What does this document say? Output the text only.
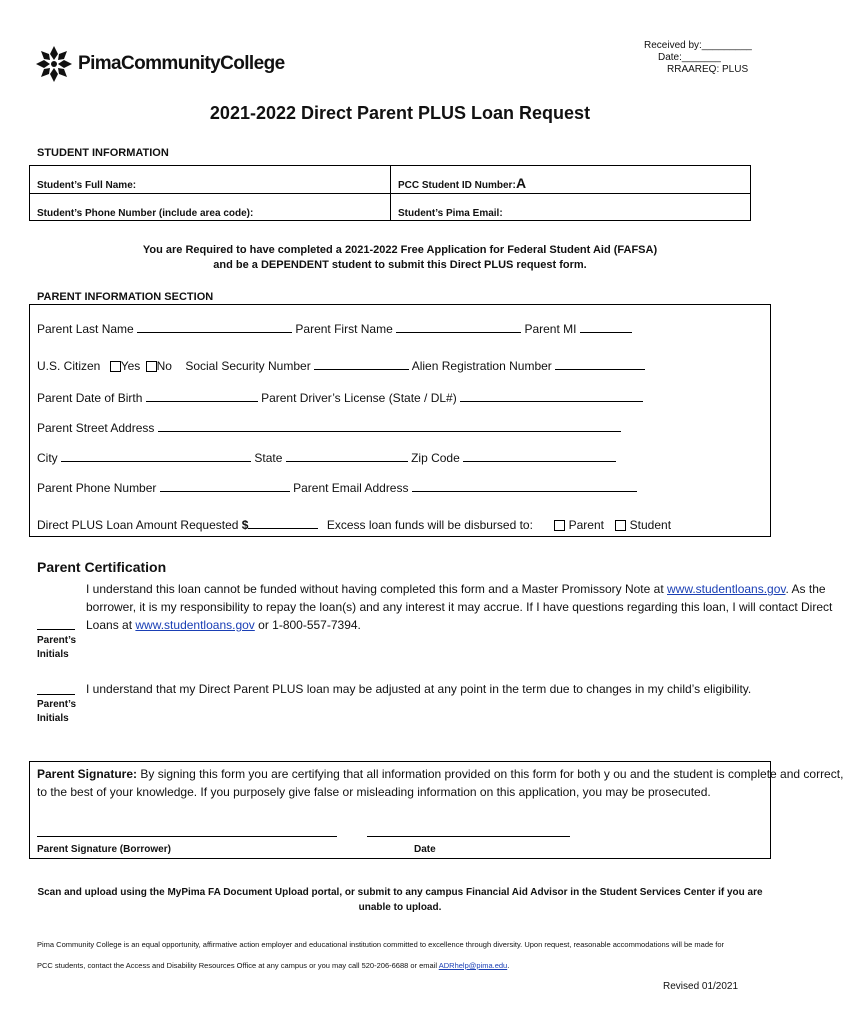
PimaCommunityCollege
Received by:_________
Date:_______
RRAAREQ: PLUS
2021-2022 Direct Parent PLUS Loan Request
STUDENT INFORMATION
Student’s Full Name:	PCC Student ID Number: A
Student’s Phone Number (include area code):	Student’s Pima Email:
You are Required to have completed a 2021-2022 Free Application for Federal Student Aid (FAFSA)
and be a DEPENDENT student to submit this Direct PLUS request form.
PARENT INFORMATION SECTION
Parent Last Name	Parent First Name	Parent MI
U.S. Citizen Yes No Social Security Number	Alien Registration Number
Parent Date of Birth	Parent Driver’s License (State / DL#)
Parent Street Address
City	State	Zip Code
Parent Phone Number	Parent Email Address
Direct PLUS Loan Amount Requested $	Excess loan funds will be disbursed to:	Parent Student
Parent Certification
I understand this loan cannot be funded without having completed this form and a Master Promissory Note at www.studentloans.gov. As the
borrower, it is my responsibility to repay the loan(s) and any interest it may accrue. If I have questions regarding this loan, I will contact Direct
Loans at www.studentloans.gov or 1-800-557-7394.
Parent’s
Initials
I understand that my Direct Parent PLUS loan may be adjusted at any point in the term due to changes in my child’s eligibility.
Parent’s
Initials
Parent Signature: By signing this form you are certifying that all information provided on this form for both y ou and the student is complete and correct,
to the best of your knowledge. If you purposely give false or misleading information on this application, you may be prosecuted.
Parent Signature (Borrower)	Date
Scan and upload using the MyPima FA Document Upload portal, or submit to any campus Financial Aid Advisor in the Student Services Center if you are
unable to upload.
Pima Community College is an equal opportunity, affirmative action employer and educational institution committed to excellence through diversity. Upon request, reasonable accommodations will be made for
PCC students, contact the Access and Disability Resources Office at any campus or you may call 520-206-6688 or email ADRhelp@pima.edu.
Revised 01/2021
